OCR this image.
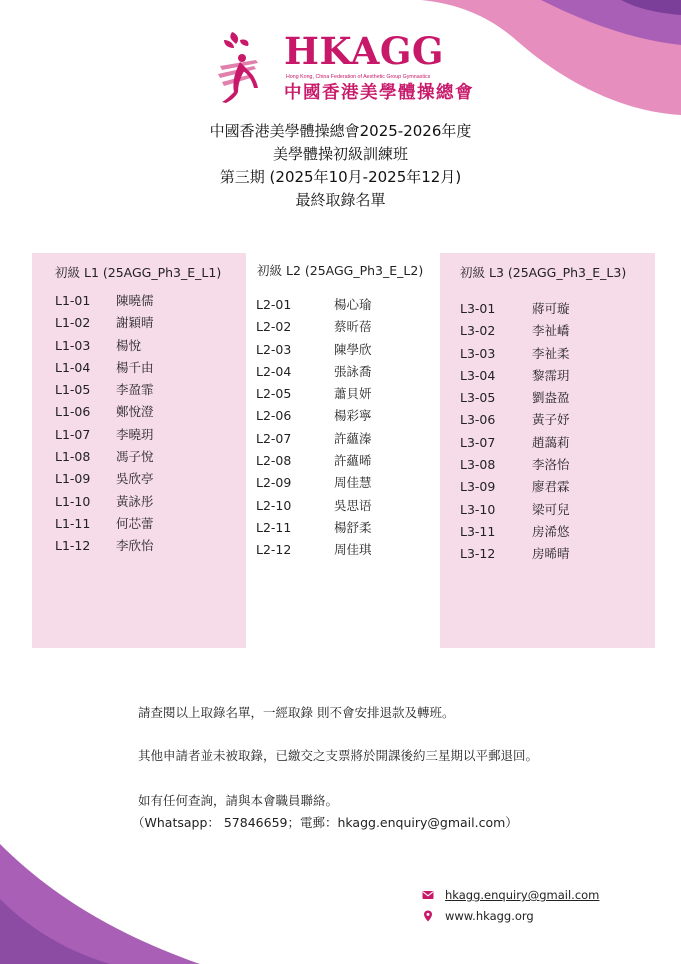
HKAGG
Hong Kong, China Federation of Aesthetic Group Gymnastics
中國香港美學體操總會
中國香港美學體操總會2025-2026年度
美學體操初級訓練班
第三期 (2025年10月-2025年12月)
最終取錄名單
初級 L1 (25AGG_Ph3_E_L1)
L1-01 陳曉儒
L1-02 謝穎晴
L1-03 楊悅
L1-04 楊千由
L1-05 李盈霏
L1-06 鄭悅澄
L1-07 李曉玥
L1-08 馮子悅
L1-09 吳欣亭
L1-10 黃詠彤
L1-11 何芯蕾
L1-12 李欣怡
初級 L2 (25AGG_Ph3_E_L2)
L2-01	楊心瑜
L2-02	蔡昕蓓
L2-03	陳學欣
L2-04	張詠喬
L2-05	蕭貝妍
L2-06	楊彩寧
L2-07	許蘊溱
L2-08	許蘊晞
L2-09	周佳慧
L2-10	吳思语
L2-11	楊舒柔
L2-12	周佳琪
初級 L3 (25AGG_Ph3_E_L3)
L3-01	蔣可璇
L3-02	李祉嶠
L3-03	李祉柔
L3-04	黎霈玥
L3-05	劉盎盈
L3-06	黃子妤
L3-07	趙藹莉
L3-08	李洛怡
L3-09	廖君霖
L3-10	梁可兒
L3-11	房浠悠
L3-12	房晞晴

請查閱以上取錄名單，一經取錄 則不會安排退款及轉班。

其他申請者並未被取錄，已繳交之支票將於開課後約三星期以平郵退回。

如有任何查詢，請與本會職員聯絡。

（Whatsapp： 57846659；電郵：hkagg.enquiry@gmail.com）

hkagg.enquiry@gmail.com
www.hkagg.org
